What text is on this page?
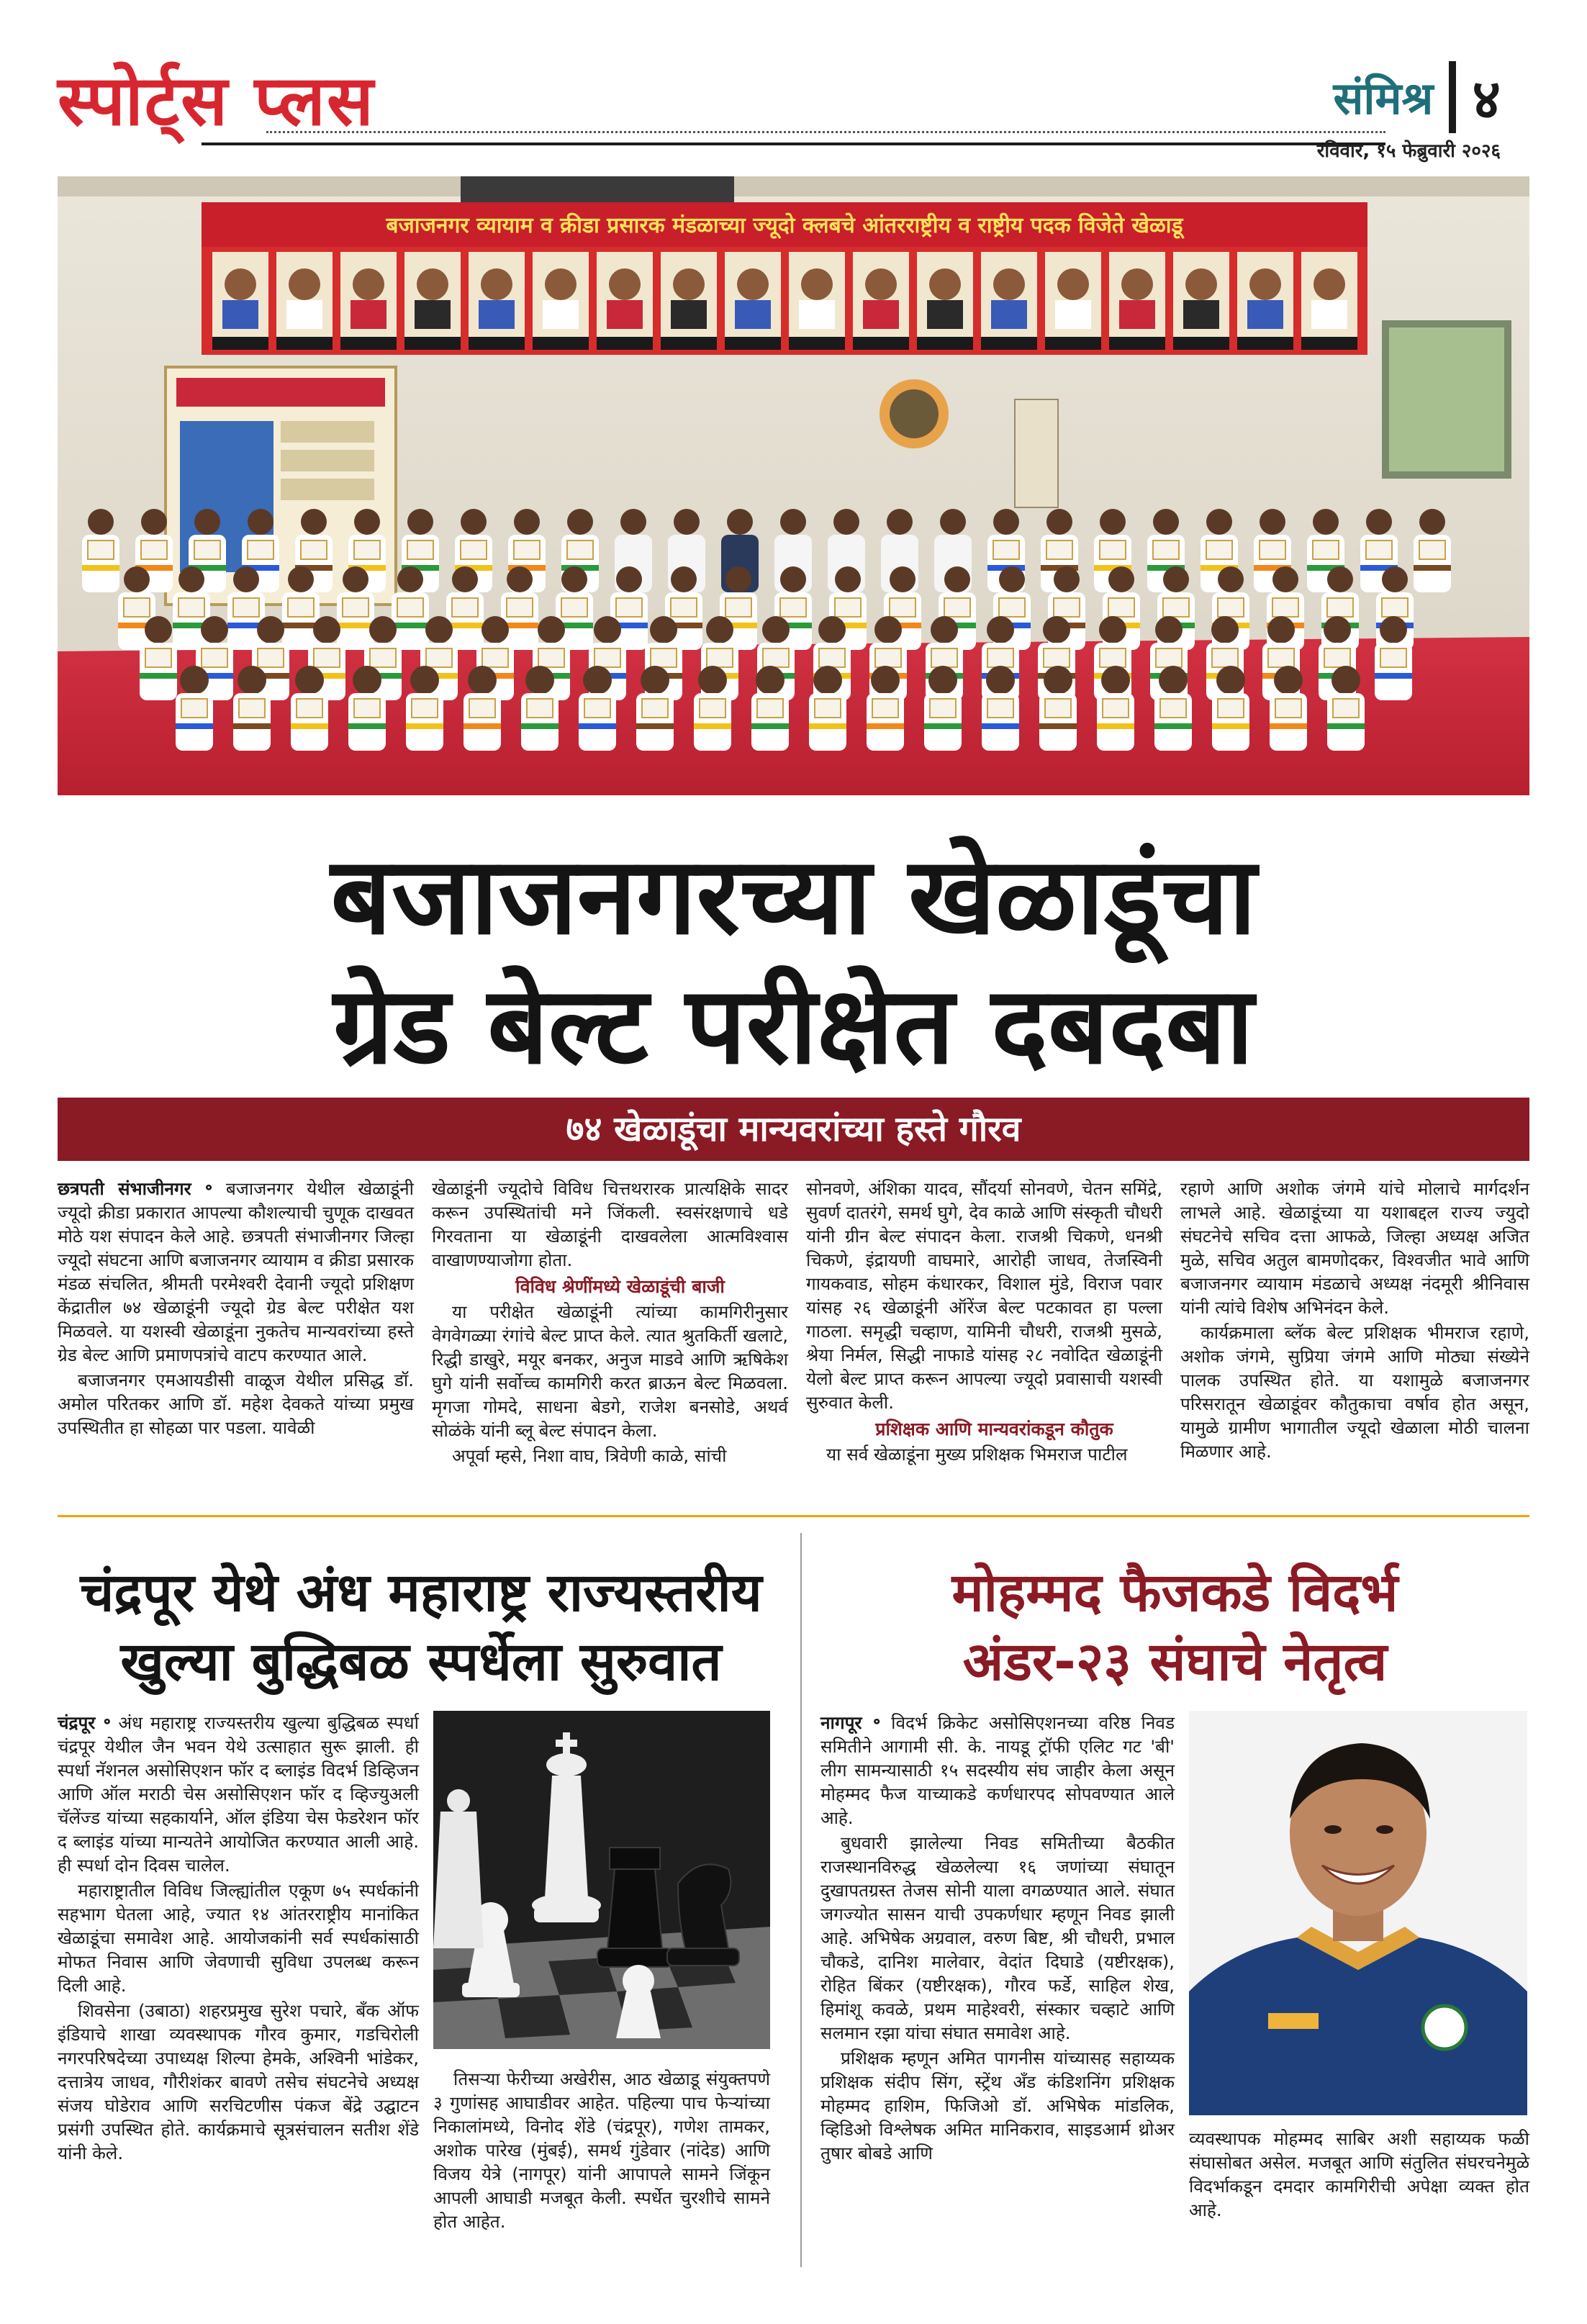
स्पोर्ट्स प्लस	संमिश्र ४
रविवार, १५ फेब्रुवारी २०२६
बजाजनगर व्यायाम व क्रीडा प्रसारक मंडळाच्या ज्यूदो क्लबचे आंतरराष्ट्रीय व राष्ट्रीय पदक विजेते खेळाडू
बजाजनगरच्या खेळाडूंचा
ग्रेड बेल्ट परीक्षेत दबदबा
७४ खेळाडूंचा मान्यवरांच्या हस्ते गौरव

छत्रपती संभाजीनगर ॰ बजाजनगर येथील खेळाडूंनी ज्यूदो क्रीडा प्रकारात आपल्या कौशल्याची चुणूक दाखवत मोठे यश संपादन केले आहे. छत्रपती संभाजीनगर जिल्हा ज्यूदो संघटना आणि बजाजनगर व्यायाम व क्रीडा प्रसारक मंडळ संचलित, श्रीमती परमेश्वरी देवानी ज्यूदो प्रशिक्षण केंद्रातील ७४ खेळाडूंनी ज्यूदो ग्रेड बेल्ट परीक्षेत यश मिळवले. या यशस्वी खेळाडूंना नुकतेच मान्यवरांच्या हस्ते ग्रेड बेल्ट आणि प्रमाणपत्रांचे वाटप करण्यात आले.

बजाजनगर एमआयडीसी वाळूज येथील प्रसिद्ध डॉ. अमोल परितकर आणि डॉ. महेश देवकते यांच्या प्रमुख उपस्थितीत हा सोहळा पार पडला. यावेळी

खेळाडूंनी ज्यूदोचे विविध चित्तथरारक प्रात्यक्षिके सादर करून उपस्थितांची मने जिंकली. स्वसंरक्षणाचे धडे गिरवताना या खेळाडूंनी दाखवलेला आत्मविश्वास वाखाणण्याजोगा होता.

विविध श्रेणींमध्ये खेळाडूंची बाजी

या परीक्षेत खेळाडूंनी त्यांच्या कामगिरीनुसार वेगवेगळ्या रंगांचे बेल्ट प्राप्त केले. त्यात श्रुतकिर्ती खलाटे, रिद्धी डाखुरे, मयूर बनकर, अनुज माडवे आणि ऋषिकेश घुगे यांनी सर्वोच्च कामगिरी करत ब्राऊन बेल्ट मिळवला. मृगजा गोमदे, साधना बेडगे, राजेश बनसोडे, अथर्व सोळंके यांनी ब्लू बेल्ट संपादन केला.

अपूर्वा म्हसे, निशा वाघ, त्रिवेणी काळे, सांची

सोनवणे, अंशिका यादव, सौंदर्या सोनवणे, चेतन समिंद्रे, सुवर्ण दातरंगे, समर्थ घुगे, देव काळे आणि संस्कृती चौधरी यांनी ग्रीन बेल्ट संपादन केला. राजश्री चिकणे, धनश्री चिकणे, इंद्रायणी वाघमारे, आरोही जाधव, तेजस्विनी गायकवाड, सोहम कंधारकर, विशाल मुंडे, विराज पवार यांसह २६ खेळाडूंनी ऑरेंज बेल्ट पटकावत हा पल्ला गाठला. समृद्धी चव्हाण, यामिनी चौधरी, राजश्री मुसळे, श्रेया निर्मल, सिद्धी नाफाडे यांसह २८ नवोदित खेळाडूंनी येलो बेल्ट प्राप्त करून आपल्या ज्यूदो प्रवासाची यशस्वी सुरुवात केली.

प्रशिक्षक आणि मान्यवरांकडून कौतुक

या सर्व खेळाडूंना मुख्य प्रशिक्षक भिमराज पाटील

रहाणे आणि अशोक जंगमे यांचे मोलाचे मार्गदर्शन लाभले आहे. खेळाडूंच्या या यशाबद्दल राज्य ज्युदो संघटनेचे सचिव दत्ता आफळे, जिल्हा अध्यक्ष अजित मुळे, सचिव अतुल बामणोदकर, विश्वजीत भावे आणि बजाजनगर व्यायाम मंडळाचे अध्यक्ष नंदमूरी श्रीनिवास यांनी त्यांचे विशेष अभिनंदन केले.

कार्यक्रमाला ब्लॅक बेल्ट प्रशिक्षक भीमराज रहाणे, अशोक जंगमे, सुप्रिया जंगमे आणि मोठ्या संख्येने पालक उपस्थित होते. या यशामुळे बजाजनगर परिसरातून खेळाडूंवर कौतुकाचा वर्षाव होत असून, यामुळे ग्रामीण भागातील ज्यूदो खेळाला मोठी चालना मिळणार आहे.

चंद्रपूर येथे अंध महाराष्ट्र राज्यस्तरीय
खुल्या बुद्धिबळ स्पर्धेला सुरुवात

चंद्रपूर ॰ अंध महाराष्ट्र राज्यस्तरीय खुल्या बुद्धिबळ स्पर्धा चंद्रपूर येथील जैन भवन येथे उत्साहात सुरू झाली. ही स्पर्धा नॅशनल असोसिएशन फॉर द ब्लाइंड विदर्भ डिव्हिजन आणि ऑल मराठी चेस असोसिएशन फॉर द व्हिज्युअली चॅलेंज्ड यांच्या सहकार्याने, ऑल इंडिया चेस फेडरेशन फॉर द ब्लाइंड यांच्या मान्यतेने आयोजित करण्यात आली आहे. ही स्पर्धा दोन दिवस चालेल.

महाराष्ट्रातील विविध जिल्ह्यांतील एकूण ७५ स्पर्धकांनी सहभाग घेतला आहे, ज्यात १४ आंतरराष्ट्रीय मानांकित खेळाडूंचा समावेश आहे. आयोजकांनी सर्व स्पर्धकांसाठी मोफत निवास आणि जेवणाची सुविधा उपलब्ध करून दिली आहे.

शिवसेना (उबाठा) शहरप्रमुख सुरेश पचारे, बँक ऑफ इंडियाचे शाखा व्यवस्थापक गौरव कुमार, गडचिरोली नगरपरिषदेच्या उपाध्यक्ष शिल्पा हेमके, अश्विनी भांडेकर, दत्तात्रेय जाधव, गौरीशंकर बावणे तसेच संघटनेचे अध्यक्ष संजय घोडेराव आणि सरचिटणीस पंकज बेंद्रे उद्घाटन प्रसंगी उपस्थित होते. कार्यक्रमाचे सूत्रसंचालन सतीश शेंडे यांनी केले.

तिसऱ्या फेरीच्या अखेरीस, आठ खेळाडू संयुक्तपणे ३ गुणांसह आघाडीवर आहेत. पहिल्या पाच फेऱ्यांच्या निकालांमध्ये, विनोद शेंडे (चंद्रपूर), गणेश तामकर, अशोक पारेख (मुंबई), समर्थ गुंडेवार (नांदेड) आणि विजय येत्रे (नागपूर) यांनी आपापले सामने जिंकून आपली आघाडी मजबूत केली. स्पर्धेत चुरशीचे सामने होत आहेत.

मोहम्मद फैजकडे विदर्भ
अंडर-२३ संघाचे नेतृत्व

नागपूर ॰ विदर्भ क्रिकेट असोसिएशनच्या वरिष्ठ निवड समितीने आगामी सी. के. नायडू ट्रॉफी एलिट गट 'बी' लीग सामन्यासाठी १५ सदस्यीय संघ जाहीर केला असून मोहम्मद फैज याच्याकडे कर्णधारपद सोपवण्यात आले आहे.

बुधवारी झालेल्या निवड समितीच्या बैठकीत राजस्थानविरुद्ध खेळलेल्या १६ जणांच्या संघातून दुखापतग्रस्त तेजस सोनी याला वगळण्यात आले. संघात जगज्योत सासन याची उपकर्णधार म्हणून निवड झाली आहे. अभिषेक अग्रवाल, वरुण बिष्ट, श्री चौधरी, प्रभाल चौकडे, दानिश मालेवार, वेदांत दिघाडे (यष्टीरक्षक), रोहित बिंकर (यष्टीरक्षक), गौरव फर्डे, साहिल शेख, हिमांशू कवळे, प्रथम माहेश्वरी, संस्कार चव्हाटे आणि सलमान रझा यांचा संघात समावेश आहे.

प्रशिक्षक म्हणून अमित पागनीस यांच्यासह सहाय्यक प्रशिक्षक संदीप सिंग, स्ट्रेंथ अँड कंडिशनिंग प्रशिक्षक मोहम्मद हाशिम, फिजिओ डॉ. अभिषेक मांडलिक, व्हिडिओ विश्लेषक अमित मानिकराव, साइडआर्म थ्रोअर तुषार बोबडे आणि

व्यवस्थापक मोहम्मद साबिर अशी सहाय्यक फळी संघासोबत असेल. मजबूत आणि संतुलित संघरचनेमुळे विदर्भाकडून दमदार कामगिरीची अपेक्षा व्यक्त होत आहे.
